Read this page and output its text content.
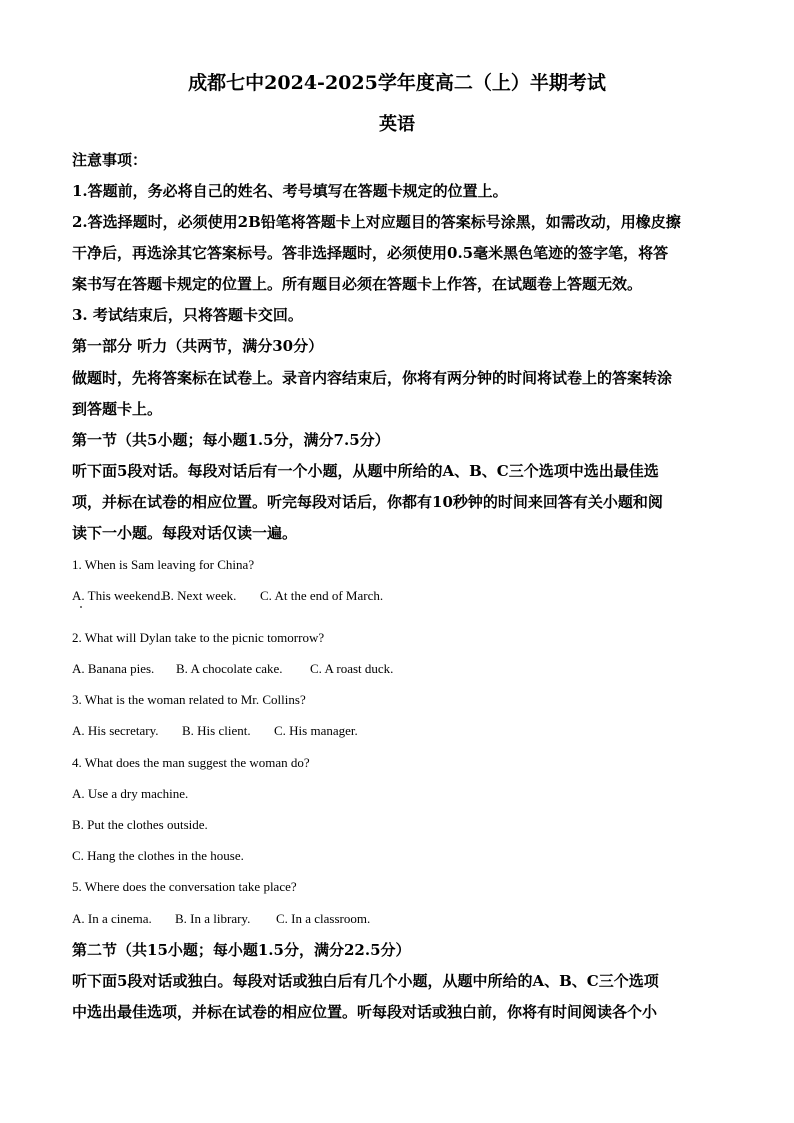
成都七中2024-2025学年度高二（上）半期考试
英语
注意事项：
1.答题前，务必将自己的姓名、考号填写在答题卡规定的位置上。
2.答选择题时，必须使用2B铅笔将答题卡上对应题目的答案标号涂黑，如需改动，用橡皮擦
干净后，再选涂其它答案标号。答非选择题时，必须使用0.5毫米黑色笔迹的签字笔，将答
案书写在答题卡规定的位置上。所有题目必须在答题卡上作答，在试题卷上答题无效。
3. 考试结束后，只将答题卡交回。
第一部分 听力（共两节，满分30分）
做题时，先将答案标在试卷上。录音内容结束后，你将有两分钟的时间将试卷上的答案转涂
到答题卡上。
第一节（共5小题；每小题1.5分，满分7.5分）
听下面5段对话。每段对话后有一个小题，从题中所给的A、B、C三个选项中选出最佳选
项，并标在试卷的相应位置。听完每段对话后，你都有10秒钟的时间来回答有关小题和阅
读下一小题。每段对话仅读一遍。
1. When is Sam leaving for China?
A. This weekend.B. Next week. C. At the end of March.
2. What will Dylan take to the picnic tomorrow?
A. Banana pies. B. A chocolate cake. C. A roast duck.
3. What is the woman related to Mr. Collins?
A. His secretary. B. His client. C. His manager.
4. What does the man suggest the woman do?
A. Use a dry machine.
B. Put the clothes outside.
C. Hang the clothes in the house.
5. Where does the conversation take place?
A. In a cinema. B. In a library. C. In a classroom.
第二节（共15小题；每小题1.5分，满分22.5分）
听下面5段对话或独白。每段对话或独白后有几个小题，从题中所给的A、B、C三个选项
中选出最佳选项，并标在试卷的相应位置。听每段对话或独白前，你将有时间阅读各个小
